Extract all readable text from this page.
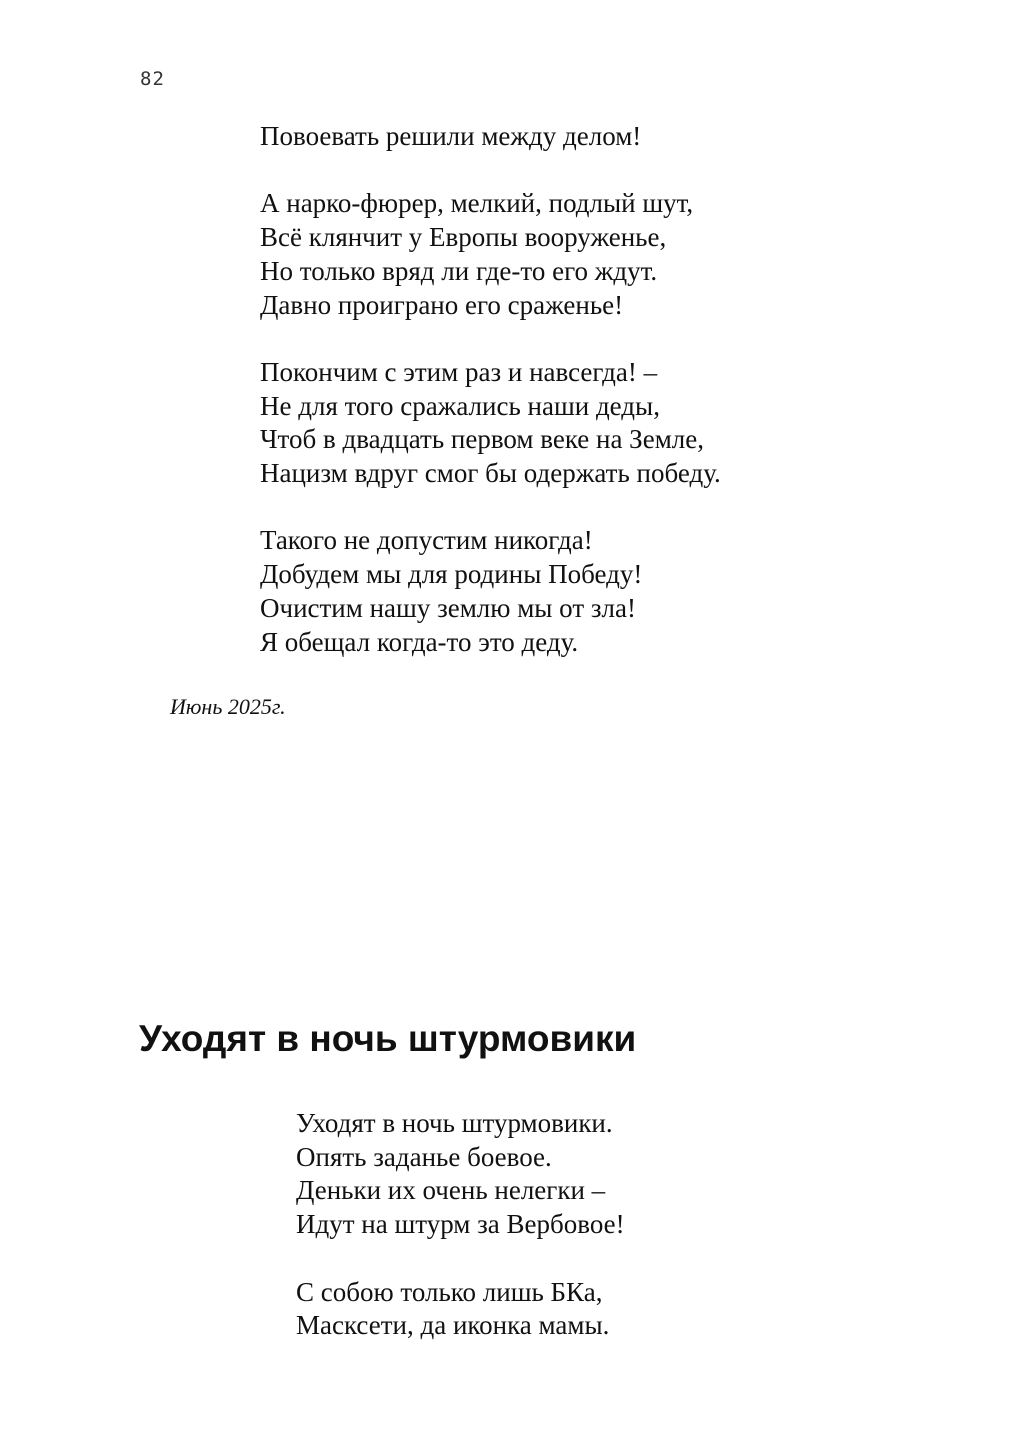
82
Повоевать решили между делом!
А нарко-фюрер, мелкий, подлый шут,
Всё клянчит у Европы вооруженье,
Но только вряд ли где-то его ждут.
Давно проиграно его сраженье!
Покончим с этим раз и навсегда! –
Не для того сражались наши деды,
Чтоб в двадцать первом веке на Земле,
Нацизм вдруг смог бы одержать победу.
Такого не допустим никогда!
Добудем мы для родины Победу!
Очистим нашу землю мы от зла!
Я обещал когда-то это деду.
Июнь 2025г.
Уходят в ночь штурмовики
Уходят в ночь штурмовики.
Опять заданье боевое.
Деньки их очень нелегки –
Идут на штурм за Вербовое!
С собою только лишь БКа,
Масксети, да иконка мамы.
